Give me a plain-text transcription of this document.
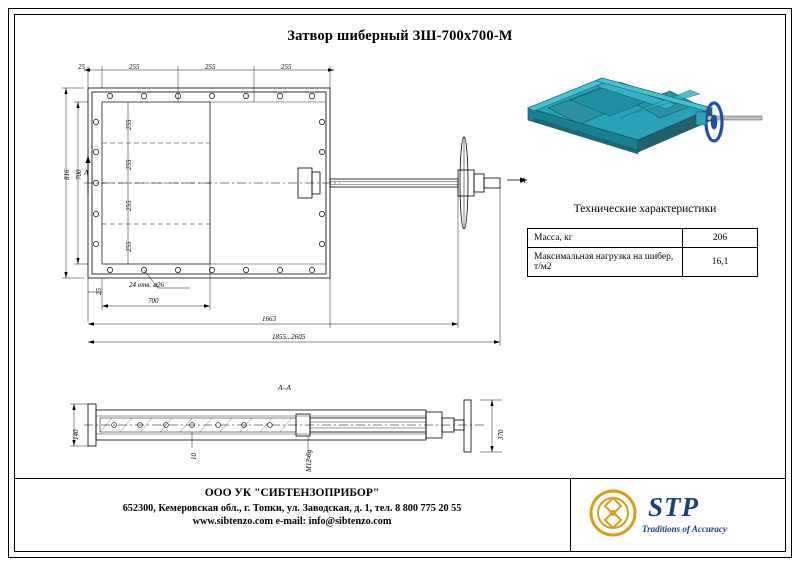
Затвор шиберный ЗШ-700х700-М
25	255	255	255
816 700
255
255
255
255
А
25
24 отв. ⌀26
700
1663
1855...2605
Технические характеристики
Масса, кг	206
Максимальная нагрузка на шибер, т/м2	16,1
А–А
140	370
10	М12-6g
ООО УК "СИБТЕНЗОПРИБОР"
652300, Кемеровская обл., г. Топки, ул. Заводская, д. 1, тел. 8 800 775 20 55
www.sibtenzo.com e-mail: info@sibtenzo.com	STP
Traditions of Accuracy
